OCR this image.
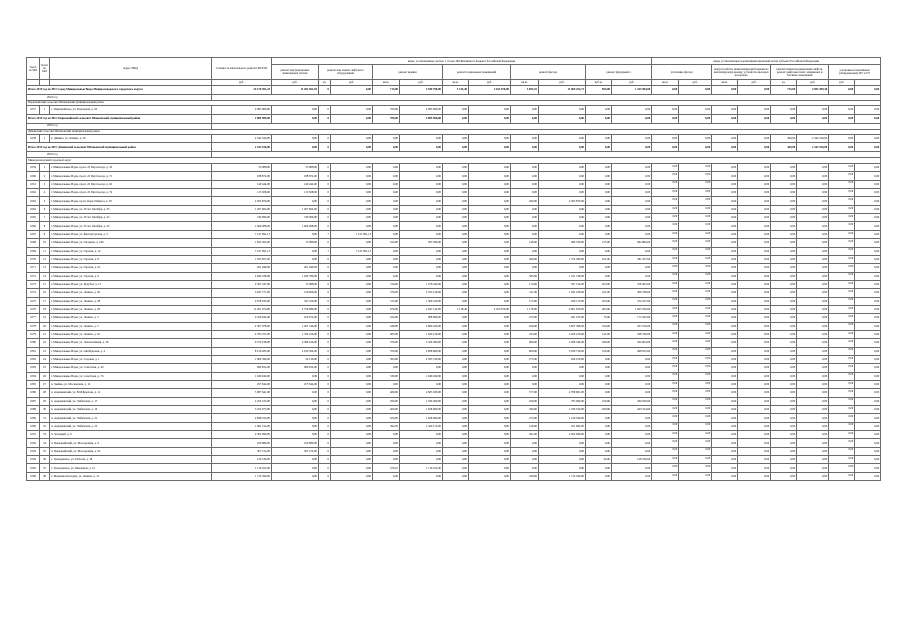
№п/п по МО	№п/п по МО	Адрес МКД	Стоимость капитального ремонта ВСЕГО	виды, установленные частью 1 статьи 166 Жилищного Кодекса Российской Федерации											виды, установленные нормативным правовым актом субъекта Российской Федерации								
				ремонт внутридомовых инженерных систем	ремонт или замена лифтового оборудования		ремонт крыши		ремонт подвальных помещений		ремонт фасада		ремонт фундамента		утепление фасада		переустройство невентилируемой крыши на вентилируемую крышу, устройство выходов на кровлю		ремонт/замена/модернизация лифтов, ремонт лифтовых шахт, машинных и блочных помещений		установка коллективных (общедомовых) ПУ и УУ	
			руб.	руб.	ед.	руб.	кв.м.	руб.	кв.м.	руб.	кв.м.	руб.	куб.м.	руб.	кв.м.	руб.	кв.м.	руб.	ед.	руб.	руб.		
Итого 2019 год по МО: город Минеральные Воды Минераловодского городского округа			34 170 491,23	11 282 562,03	0	0,00	715,00	2 949 790,00	1 145,40	2 163 670,00	3 693,10	11 669 252,73	693,00	1 424 904,00	0,00	0,00	0,00	0,00	715,00	4 003 399,40	0,00	0,00	
2019 год																							
Первомайский сельсовет Шпаковский муниципальный район																							
1057	1	с. Первомайское, ул. Подгорная, д. 95	2 085 900,00	0,00	0	0,00	700,00	2 085 900,00	0,00	0,00	0,00	0,00	0,00	0,00	0,00	0,00	0,00	0,00	0,00	0,00	0,00	0,00	
Итого 2019 год по МО: Первомайский сельсовет Шпаковский муниципальный район			2 085 900,00	0,00	0	0,00	700,00	2 085 900,00	0,00	0,00	0,00	0,00	0,00	0,00	0,00	0,00	0,00	0,00	0,00	0,00	0,00	0,00	
2019 год																							
Дёминский сельсовет Шпаковский муниципальный район																							
1058	1	х. Дёмино, ул. Ленина, д. 30	2 342 520,00	0,00	0	0,00	0,00	0,00	0,00	0,00	0,00	0,00	0,00	0,00	0,00	0,00	0,00	0,00	369,00	2 342 520,00	0,00	0,00	
Итого 2019 год по МО: Дёминский сельсовет Шпаковский муниципальный район			2 342 520,00	0,00	0	0,00	0,00	0,00	0,00	0,00	0,00	0,00	0,00	0,00	0,00	0,00	0,00	0,00	369,00	2 342 520,00	0,00	0,00	
2019 год																							
Минераловодский городской округ																							
1059	1	г. Минеральные Воды, пр-кт. 22 Партсъезда, д. 32	53 988,00	53 988,00	0	0,00	0,00	0,00	0,00	0,00	0,00	0,00	0,00	0,00	0,00	0,00	0,00	0,00	0,00	0,00	0,00	0,00	
1060	2	г. Минеральные Воды, пр-кт. 22 Партсъезда, д. 71	188 872,00	188 872,00	0	0,00	0,00	0,00	0,00	0,00	0,00	0,00	0,00	0,00	0,00	0,00	0,00	0,00	0,00	0,00	0,00	0,00	
1061	3	г. Минеральные Воды, пр-кт. 22 Партсъезда, д. 62	140 444,00	140 444,00	0	0,00	0,00	0,00	0,00	0,00	0,00	0,00	0,00	0,00	0,00	0,00	0,00	0,00	0,00	0,00	0,00	0,00	
1062	4	г. Минеральные Воды, пр-кт. 22 Партсъезда, д. 74	113 508,00	113 508,00	0	0,00	0,00	0,00	0,00	0,00	0,00	0,00	0,00	0,00	0,00	0,00	0,00	0,00	0,00	0,00	0,00	0,00	
1063	5	г. Минеральные Воды, пр-кт. Карла Маркса, д. 50	2 565 870,00	0,00	0	0,00	0,00	0,00	0,00	0,00	490,00	2 565 870,00	0,00	0,00	0,00	0,00	0,00	0,00	0,00	0,00	0,00	0,00	
1064	6	г. Минеральные Воды, ул. 50 лет Октября, д. 35	1 207 604,00	1 207 604,00	0	0,00	0,00	0,00	0,00	0,00	0,00	0,00	0,00	0,00	0,00	0,00	0,00	0,00	0,00	0,00	0,00	0,00	
1065	7	г. Минеральные Воды, ул. 50 лет Октября, д. 43	740 096,00	740 096,00	0	0,00	0,00	0,00	0,00	0,00	0,00	0,00	0,00	0,00	0,00	0,00	0,00	0,00	0,00	0,00	0,00	0,00	
1066	8	г. Минеральные Воды, ул. 50 лет Октября, д. 45	1 600 408,00	1 600 408,00	0	0,00	0,00	0,00	0,00	0,00	0,00	0,00	0,00	0,00	0,00	0,00	0,00	0,00	0,00	0,00	0,00	0,00	
1067	9	г. Минеральные Воды, ул. Бештаугорская, д. 3	7 147 091,13	0,00	7	7 147 091,13	0,00	0,00	0,00	0,00	0,00	0,00	0,00	0,00	0,00	0,00	0,00	0,00	0,00	0,00	0,00	0,00	
1068	10	г. Минеральные Воды, ул. Гагарина, д. 196	1 845 302,00	15 088,00	0	0,00	224,00	363 596,00	0,00	0,00	146,00	489 706,00	155,00	964 884,00	0,00	0,00	0,00	0,00	0,00	0,00	0,00	0,00	
1069	11	г. Минеральные Воды, ул. Горская, д. 12	7 147 091,13	0,00	7	7 147 091,13	0,00	0,00	0,00	0,00	0,00	0,00	0,00	0,00	0,00	0,00	0,00	0,00	0,00	0,00	0,00	0,00	
1070	12	г. Минеральные Воды, ул. Горская, д. 8	1 955 857,00	0,00	0	0,00	0,00	0,00	0,00	0,00	460,00	1 574 580,00	161,00	381 257,00	0,00	0,00	0,00	0,00	0,00	0,00	0,00	0,00	
1071	13	г. Минеральные Воды, ул. Горская, д. 61	261 040,00	261 040,00	0	0,00	0,00	0,00	0,00	0,00	0,00	0,00	0,00	0,00	0,00	0,00	0,00	0,00	0,00	0,00	0,00	0,00	
1072	14	г. Минеральные Воды, ул. Горская, д. 9	2 944 528,00	1 932 780,00	0	0,00	0,00	0,00	0,00	0,00	585,00	1 011 748,00	0,00	0,00	0,00	0,00	0,00	0,00	0,00	0,00	0,00	0,00	
1073	15	г. Минеральные Воды, ул. Кучубея, д. 13	2 367 447,00	15 088,00	0	0,00	316,00	1 276 440,00	0,00	0,00	174,00	597 514,00	203,00	478 405,00	0,00	0,00	0,00	0,00	0,00	0,00	0,00	0,00	
1074	16	г. Минеральные Воды, ул. Ленина, д. 20	3 647 771,00	216 606,00	0	0,00	576,00	2 325 120,00	0,00	0,00	311,00	1 045 230,00	221,00	306 798,00	0,00	0,00	0,00	0,00	0,00	0,00	0,00	0,00	
1075	17	г. Минеральные Воды, ул. Ленина, д. 28	2 678 033,00	347 106,00	0	0,00	315,00	1 566 520,00	0,00	0,00	175,00	290 170,00	203,00	474 237,00	0,00	0,00	0,00	0,00	0,00	0,00	0,00	0,00	
1076	18	г. Минеральные Воды, ул. Ленина, д. 29	11 261 974,00	4 759 986,00	0	0,00	676,00	2 947 124,00	1 118,40	2 163 670,00	1 170,00	4 601 050,00	405,00	1 003 359,00	0,00	0,00	0,00	0,00	0,00	0,00	0,00	0,00	
1077	19	г. Минеральные Воды, ул. Ленина, д. 3	2 459 942,00	474 672,00	0	0,00	222,00	908 666,00	0,00	0,00	275,00	941 195,00	73,00	173 425,00	0,00	0,00	0,00	0,00	0,00	0,00	0,00	0,00	
1078	20	г. Минеральные Воды, ул. Ленина, д. 5	4 507 978,00	1 201 546,00	0	0,00	448,00	2 809 426,00	0,00	0,00	626,00	2 827 398,00	224,00	297 016,00	0,00	0,00	0,00	0,00	0,00	0,00	0,00	0,00	
1079	21	г. Минеральные Воды, ул. Ленина, д. 6а	4 703 251,00	1 334 106,00	0	0,00	483,00	1 620 120,00	0,00	0,00	433,00	2 420 276,00	141,00	328 799,00	0,00	0,00	0,00	0,00	0,00	0,00	0,00	0,00	
1080	22	г. Минеральные Воды, ул. Локомотивная, д. 36	9 270 198,00	4 386 916,00	0	0,00	556,00	2 326 360,00	0,00	0,00	966,00	2 286 344,00	206,00	564 604,00	0,00	0,00	0,00	0,00	0,00	0,00	0,00	0,00	
1081	23	г. Минеральные Воды, ул. Октябрьская, д. 4	8 150 285,00	2 019 564,00	0	0,00	700,00	2 828 960,00	0,00	0,00	900,00	3 030 736,00	256,00	498 025,00	0,00	0,00	0,00	0,00	0,00	0,00	0,00	0,00	
1082	24	г. Минеральные Воды, ул. Садовая, д. 1	1 964 599,00	54 136,00	0	0,00	393,00	2 595 720,00	0,00	0,00	275,00	934 479,00	0,00	0,00	0,00	0,00	0,00	0,00	0,00	0,00	0,00	0,00	
1083	25	г. Минеральные Воды, ул. Советская, д. 40	990 652,00	990 652,00	0	0,00	0,00	0,00	0,00	0,00	0,00	0,00	0,00	0,00	0,00	0,00	0,00	0,00	0,00	0,00	0,00	0,00	
1084	26	г. Минеральные Воды, ул. Советская, д. 76	1 946 040,00	0,00	0	0,00	339,00	1 946 040,00	0,00	0,00	0,00	0,00	0,00	0,00	0,00	0,00	0,00	0,00	0,00	0,00	0,00	0,00	
1085	27	п. Змейка, ул. Московская, д. 12	257 644,00	257 644,00	0	0,00	0,00	0,00	0,00	0,00	0,00	0,00	0,00	0,00	0,00	0,00	0,00	0,00	0,00	0,00	0,00	0,00	
1086	28	п. Анджиевский, ул. В.М.Брюхова, д. 11	5 987 641,00	0,00	0	0,00	460,00	2 825 930,00	0,00	0,00	577,00	2 789 681,00	0,00	0,00	0,00	0,00	0,00	0,00	0,00	0,00	0,00	0,00	
1087	29	п. Анджиевский, ул. Эмбенская, д. 17	2 254 523,00	0,00	0	0,00	290,00	1 030 460,00	0,00	0,00	226,00	795 060,00	100,00	360 059,00	0,00	0,00	0,00	0,00	0,00	0,00	0,00	0,00	
1088	30	п. Анджиевский, ул. Эмбенская, д. 19	3 252 073,00	0,00	0	0,00	460,00	1 628 960,00	0,00	0,00	390,00	1 189 559,00	200,00	423 554,00	0,00	0,00	0,00	0,00	0,00	0,00	0,00	0,00	
1089	31	п. Анджиевский, ул. Эмбенская, д. 21	2 848 550,00	0,00	0	0,00	459,00	1 628 960,00	0,00	0,00	275,00	1 219 590,00	0,00	0,00	0,00	0,00	0,00	0,00	0,00	0,00	0,00	0,00	
1090	32	п. Анджиевский, ул. Эмбенская, д. 23	1 981 154,00	0,00	0	0,00	394,50	1 329 172,00	0,00	0,00	126,00	451 982,00	0,00	0,00	0,00	0,00	0,00	0,00	0,00	0,00	0,00	0,00	
1091	33	п. Загорный, д. 9	2 502 990,00	0,00	0	0,00	0,00	0,00	0,00	0,00	561,00	2 502 990,00	0,00	0,00	0,00	0,00	0,00	0,00	0,00	0,00	0,00	0,00	
1092	34	п. Первомайский, ул. Молодежная, д. 6	250 880,00	250 880,00	0	0,00	0,00	0,00	0,00	0,00	0,00	0,00	0,00	0,00	0,00	0,00	0,00	0,00	0,00	0,00	0,00	0,00	
1093	35	п. Первомайский, ул. Молодежная, д. 9а	307 152,00	307 152,00	0	0,00	0,00	0,00	0,00	0,00	0,00	0,00	0,00	0,00	0,00	0,00	0,00	0,00	0,00	0,00	0,00	0,00	
1094	36	с. Гражданское, ул. Рабочая, д. 18	126 536,00	0,00	0	0,00	0,00	0,00	0,00	0,00	0,00	0,00	54,00	126 536,00	0,00	0,00	0,00	0,00	0,00	0,00	0,00	0,00	
1095	37	с. Гражданское, ул. Школьная, д. 12	1 116 252,00	0,00	0	0,00	276,10	1 116 252,00	0,00	0,00	0,00	0,00	0,00	0,00	0,00	0,00	0,00	0,00	0,00	0,00	0,00	0,00	
1096	38	с. Марьины Колодцы, ул. Ленина, д. 12	1 712 590,00	0,00	0	0,00	0,00	0,00	0,00	0,00	330,00	1 712 590,00	0,00	0,00	0,00	0,00	0,00	0,00	0,00	0,00	0,00	0,00	
